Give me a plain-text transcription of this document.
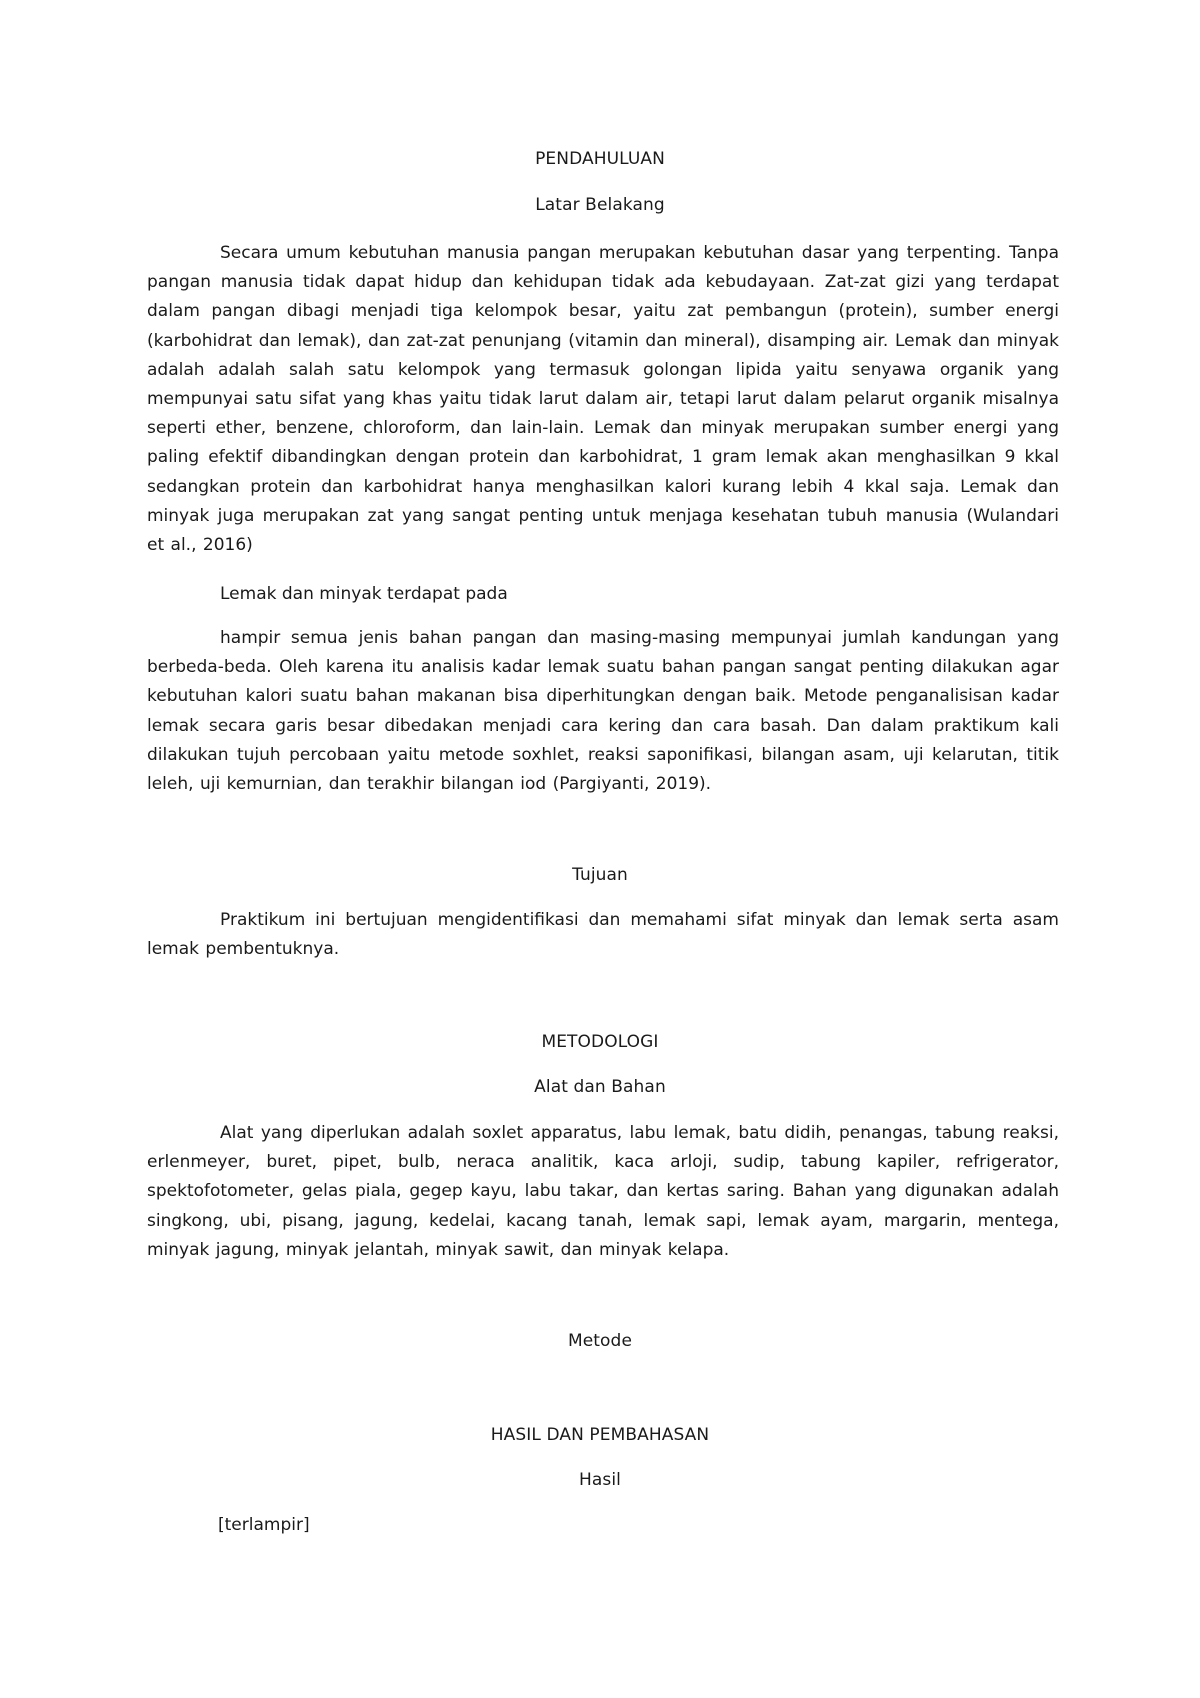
PENDAHULUAN
Latar Belakang
Secara umum kebutuhan manusia pangan merupakan kebutuhan dasar yang terpenting. Tanpa pangan manusia tidak dapat hidup dan kehidupan tidak ada kebudayaan. Zat-zat gizi yang terdapat dalam pangan dibagi menjadi tiga kelompok besar, yaitu zat pembangun (protein), sumber energi (karbohidrat dan lemak), dan zat-zat penunjang (vitamin dan mineral), disamping air. Lemak dan minyak adalah adalah salah satu kelompok yang termasuk golongan lipida yaitu senyawa organik yang mempunyai satu sifat yang khas yaitu tidak larut dalam air, tetapi larut dalam pelarut organik misalnya seperti ether, benzene, chloroform, dan lain-lain. Lemak dan minyak merupakan sumber energi yang paling efektif dibandingkan dengan protein dan karbohidrat, 1 gram lemak akan menghasilkan 9 kkal sedangkan protein dan karbohidrat hanya menghasilkan kalori kurang lebih 4 kkal saja. Lemak dan minyak juga merupakan zat yang sangat penting untuk menjaga kesehatan tubuh manusia (Wulandari et al., 2016)
Lemak dan minyak terdapat pada
hampir semua jenis bahan pangan dan masing-masing mempunyai jumlah kandungan yang berbeda-beda. Oleh karena itu analisis kadar lemak suatu bahan pangan sangat penting dilakukan agar kebutuhan kalori suatu bahan makanan bisa diperhitungkan dengan baik. Metode penganalisisan kadar lemak secara garis besar dibedakan menjadi cara kering dan cara basah. Dan dalam praktikum kali dilakukan tujuh percobaan yaitu metode soxhlet, reaksi saponifikasi, bilangan asam, uji kelarutan, titik leleh, uji kemurnian, dan terakhir bilangan iod (Pargiyanti, 2019).
Tujuan
Praktikum ini bertujuan mengidentifikasi dan memahami sifat minyak dan lemak serta asam lemak pembentuknya.
METODOLOGI
Alat dan Bahan
Alat yang diperlukan adalah soxlet apparatus, labu lemak, batu didih, penangas, tabung reaksi, erlenmeyer, buret, pipet, bulb, neraca analitik, kaca arloji, sudip, tabung kapiler, refrigerator, spektofotometer, gelas piala, gegep kayu, labu takar, dan kertas saring. Bahan yang digunakan adalah singkong, ubi, pisang, jagung, kedelai, kacang tanah, lemak sapi, lemak ayam, margarin, mentega, minyak jagung, minyak jelantah, minyak sawit, dan minyak kelapa.
Metode
HASIL DAN PEMBAHASAN
Hasil
[terlampir]
